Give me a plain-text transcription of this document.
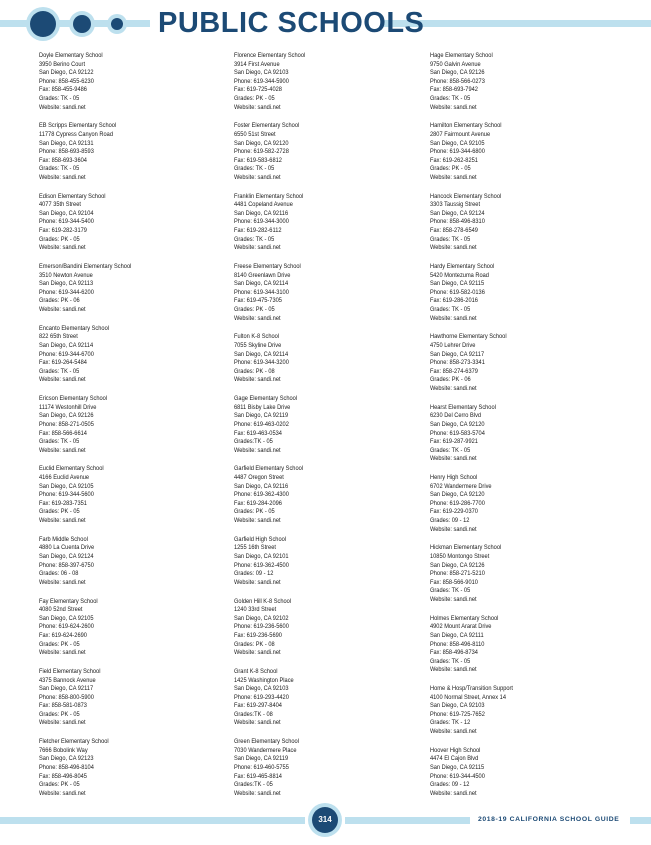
PUBLIC SCHOOLS
Doyle Elementary School
3950 Berino Court
San Diego, CA 92122
Phone: 858-455-6230
Fax: 858-455-9486
Grades: TK - 05
Website: sandi.net
EB Scripps Elementary School
11778 Cypress Canyon Road
San Diego, CA 92131
Phone: 858-693-8593
Fax: 858-693-3604
Grades: TK - 05
Website: sandi.net
Edison Elementary School
4077 35th Street
San Diego, CA 92104
Phone: 619-344-5400
Fax: 619-282-3179
Grades: PK - 05
Website: sandi.net
Emerson/Bandini Elementary School
3510 Newton Avenue
San Diego, CA 92113
Phone: 619-344-6200
Grades: PK - 06
Website: sandi.net
Encanto Elementary School
822 65th Street
San Diego, CA 92114
Phone: 619-344-6700
Fax: 619-264-5484
Grades: TK - 05
Website: sandi.net
Ericson Elementary School
11174 Westonhill Drive
San Diego, CA 92126
Phone: 858-271-0505
Fax: 858-566-6614
Grades: TK - 05
Website: sandi.net
Euclid Elementary School
4166 Euclid Avenue
San Diego, CA 92105
Phone: 619-344-5600
Fax: 619-283-7351
Grades: PK - 05
Website: sandi.net
Farb Middle School
4880 La Cuenta Drive
San Diego, CA 92124
Phone: 858-397-6750
Grades: 06 - 08
Website: sandi.net
Fay Elementary School
4080 52nd Street
San Diego, CA 92105
Phone: 619-624-2600
Fax: 619-624-2690
Grades: PK - 05
Website: sandi.net
Field Elementary School
4375 Bannock Avenue
San Diego, CA 92117
Phone: 858-800-5900
Fax: 858-581-0873
Grades: PK - 05
Website: sandi.net
Fletcher Elementary School
7666 Bobolink Way
San Diego, CA 92123
Phone: 858-496-8104
Fax: 858-496-8045
Grades: PK - 05
Website: sandi.net
Florence Elementary School
3914 First Avenue
San Diego, CA 92103
Phone: 619-344-5900
Fax: 619-725-4028
Grades: PK - 05
Website: sandi.net
Foster Elementary School
6550 51st Street
San Diego, CA 92120
Phone: 619-582-2728
Fax: 619-583-6812
Grades: TK - 05
Website: sandi.net
Franklin Elementary School
4481 Copeland Avenue
San Diego, CA 92116
Phone: 619-344-3000
Fax: 619-282-6112
Grades: TK - 05
Website: sandi.net
Freese Elementary School
8140 Greenlawn Drive
San Diego, CA 92114
Phone: 619-344-3100
Fax: 619-475-7305
Grades: PK - 05
Website: sandi.net
Fulton K-8 School
7055 Skyline Drive
San Diego, CA 92114
Phone: 619-344-3200
Grades: PK - 08
Website: sandi.net
Gage Elementary School
6811 Bisby Lake Drive
San Diego, CA 92119
Phone: 619-463-0202
Fax: 619-463-0534
Grades:TK - 05
Website: sandi.net
Garfield Elementary School
4487 Oregon Street
San Diego, CA 92116
Phone: 619-362-4300
Fax: 619-284-2096
Grades: PK - 05
Website: sandi.net
Garfield High School
1255 16th Street
San Diego, CA 92101
Phone: 619-362-4500
Grades: 09 - 12
Website: sandi.net
Golden Hill K-8 School
1240 33rd Street
San Diego, CA 92102
Phone: 619-236-5600
Fax: 619-236-5690
Grades: PK - 08
Website: sandi.net
Grant K-8 School
1425 Washington Place
San Diego, CA 92103
Phone: 619-293-4420
Fax: 619-297-8404
Grades:TK - 08
Website: sandi.net
Green Elementary School
7030 Wandermere Place
San Diego, CA 92119
Phone: 619-460-5755
Fax: 619-465-8814
Grades:TK - 05
Website: sandi.net
Hage Elementary School
9750 Galvin Avenue
San Diego, CA 92126
Phone: 858-566-0273
Fax: 858-693-7942
Grades: TK - 05
Website: sandi.net
Hamilton Elementary School
2807 Fairmount Avenue
San Diego, CA 92105
Phone: 619-344-6800
Fax: 619-262-8251
Grades: PK - 05
Website: sandi.net
Hancock Elementary School
3303 Taussig Street
San Diego, CA 92124
Phone: 858-496-8310
Fax: 858-278-6549
Grades: TK - 05
Website: sandi.net
Hardy Elementary School
5420 Montezuma Road
San Diego, CA 92115
Phone: 619-582-0136
Fax: 619-286-2016
Grades: TK - 05
Website: sandi.net
Hawthorne Elementary School
4750 Lehrer Drive
San Diego, CA 92117
Phone: 858-273-3341
Fax: 858-274-6379
Grades: PK - 06
Website: sandi.net
Hearst Elementary School
6230 Del Cerro Blvd
San Diego, CA 92120
Phone: 619-583-5704
Fax: 619-287-9921
Grades: TK - 05
Website: sandi.net
Henry High School
6702 Wandermere Drive
San Diego, CA 92120
Phone: 619-286-7700
Fax: 619-229-0370
Grades: 09 - 12
Website: sandi.net
Hickman Elementary School
10850 Montongo Street
San Diego, CA 92126
Phone: 858-271-5210
Fax: 858-566-9010
Grades: TK - 05
Website: sandi.net
Holmes Elementary School
4902 Mount Ararat Drive
San Diego, CA 92111
Phone: 858-496-8110
Fax: 858-496-8734
Grades: TK - 05
Website: sandi.net
Home & Hosp/Transition Support
4100 Normal Street, Annex 14
San Diego, CA 92103
Phone: 619-725-7652
Grades: TK - 12
Website: sandi.net
Hoover High School
4474 El Cajon Blvd
San Diego, CA 92115
Phone: 619-344-4500
Grades: 09 - 12
Website: sandi.net
314	2018-19 CALIFORNIA SCHOOL GUIDE
